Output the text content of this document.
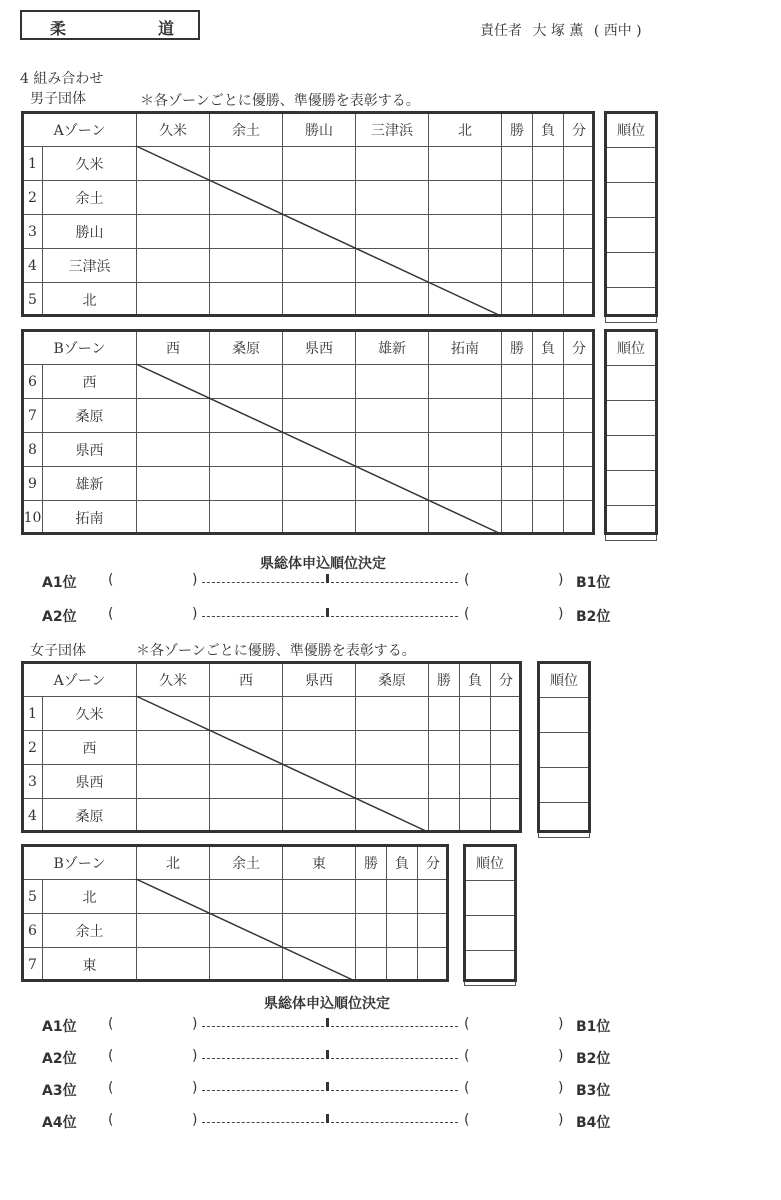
柔	道	責任者 大 塚 薫 ( 西中 )
4 組み合わせ
男子団体	＊各ゾーンごとに優勝、準優勝を表彰する。
Aゾーン		久米	余土	勝山	三津浜	北	勝	負	分
1	久米								
2	余土								
3	勝山								
4	三津浜								
5	北								
順位

Bゾーン		西	桑原	県西	雄新	拓南	勝	負	分
6	西								
7	桑原								
8	県西								
9	雄新								
10	拓南								
順位

県総体申込順位決定
A1位 (	)	(	) B1位
A2位 (	)	(	) B2位
女子団体	＊各ゾーンごとに優勝、準優勝を表彰する。
Aゾーン		久米	西	県西	桑原	勝	負	分
1	久米							
2	西							
3	県西							
4	桑原							
順位

Bゾーン		北	余土	東	勝	負	分
5	北						
6	余土						
7	東						
順位

県総体申込順位決定
A1位 (	)	(	) B1位
A2位 (	)	(	) B2位
A3位 (	)	(	) B3位
A4位 (	)	(	) B4位
